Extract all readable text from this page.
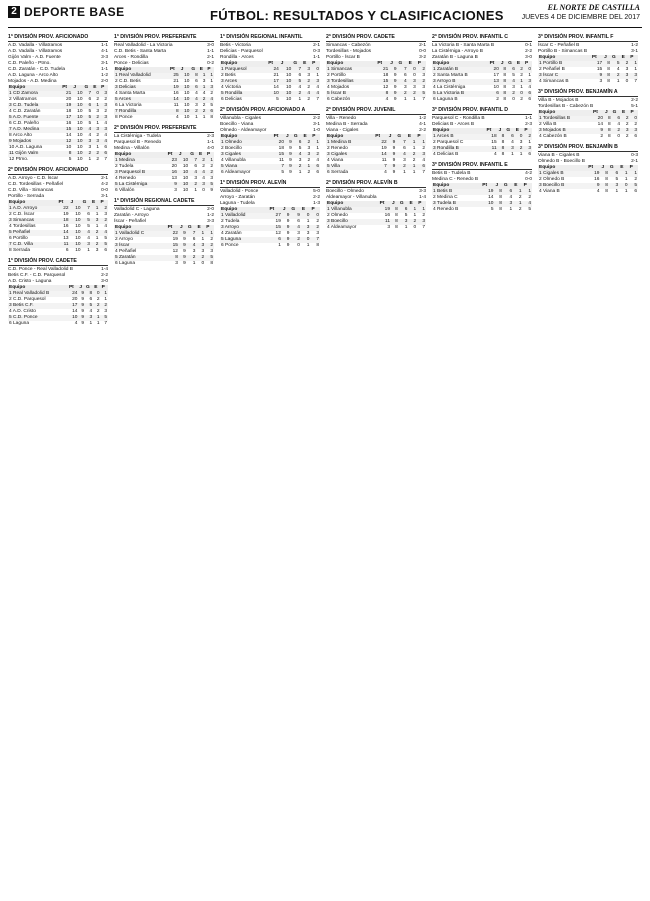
2 DEPORTE BASE	FÚTBOL: RESULTADOS Y CLASIFICACIONES
EL NORTE DE CASTILLA
JUEVES 4 DE DICIEMBRE DEL 2017
1ª DIVISIÓN PROV. AFICIONADO
A.D. Vadalla - Villatramos	1-1
A.D. Vadalla - Villatramos	4-1
Gijón Valm - A.D. Fuente	3-3
C.D. Paleño - Ptmo.	3-1
C.D. Zaratán - C.D. Tudela	1-1
A.D. Laguna - Arco Alto	1-2
Mojados - A.D. Medina	2-0
Equipo	Pt	J	G	E	P
1 CD Zamora	21	10	7	0	3
2 Villatramos	20	10	6	2	2
3 C.D. Tudela	19	10	6	1	3
4 C.D. Zaratán	18	10	5	3	2
5 A.D. Fuente	17	10	5	2	3
6 C.D. Paleño	16	10	5	1	4
7 A.D. Medina	15	10	4	3	3
8 Arco Alto	14	10	4	2	4
9 Mojados	12	10	3	3	4
10 A.D. Laguna	10	10	3	1	6
11 Gijón Valm	8	10	2	2	6
12 Ptmo.	5	10	1	2	7
2ª DIVISIÓN PROV. AFICIONADO
A.D. Arroyo - C.D. Íscar	2-1
C.D. Tordesillas - Peñafiel	4-2
C.D. Villa - Simancas	0-0
Portillo - Serrada	3-1
Equipo	Pt	J	G	E	P
1 A.D. Arroyo	22	10	7	1	2
2 C.D. Íscar	19	10	6	1	3
3 Simancas	18	10	5	3	2
4 Tordesillas	16	10	5	1	4
5 Peñafiel	14	10	4	2	4
6 Portillo	13	10	4	1	5
7 C.D. Villa	11	10	3	2	5
8 Serrada	6	10	1	3	6
1ª DIVISIÓN PROV. CADETE
C.D. Ponce - Real Valladolid B	1-4
Betis C.F. - C.D. Parquesol	2-2
A.D. Cristo - Laguna	3-0
Equipo	Pt	J	G	E	P
1 Real Valladolid B	24	9	8	0	1
2 C.D. Parquesol	20	9	6	2	1
3 Betis C.F.	17	9	5	2	2
4 A.D. Cristo	14	9	4	2	3
5 C.D. Ponce	10	9	3	1	5
6 Laguna	4	9	1	1	7
1ª DIVISIÓN PROV. PREFERENTE
Real Valladolid - La Victoria	3-0
C.D. Betis - Santa Marta	1-1
Arces - Rondilla	2-1
Ponce - Delicias	0-2
Equipo	Pt	J	G	E	P
1 Real Valladolid	25	10	8	1	1
2 C.D. Betis	21	10	6	3	1
3 Delicias	19	10	6	1	3
4 Santa Marta	16	10	4	4	2
5 Arces	14	10	4	2	4
6 La Victoria	11	10	3	2	5
7 Rondilla	8	10	2	2	6
8 Ponce	4	10	1	1	8
2ª DIVISIÓN PROV. PREFERENTE
La Cistérniga - Tudela	2-3
Parquesol B - Renedo	1-1
Medina - Villalón	4-0
Equipo	Pt	J	G	E	P
1 Medina	23	10	7	2	1
2 Tudela	20	10	6	2	2
3 Parquesol B	16	10	4	4	2
4 Renedo	13	10	3	4	3
5 La Cistérniga	9	10	2	3	5
6 Villalón	3	10	1	0	9
1ª DIVISIÓN REGIONAL CADETE
Valladolid C - Laguna	2-0
Zaratán - Arroyo	1-2
Íscar - Peñafiel	3-3
Equipo	Pt	J	G	E	P
1 Valladolid C	22	9	7	1	1
2 Arroyo	19	9	6	1	2
3 Íscar	15	9	4	3	2
4 Peñafiel	12	9	3	3	3
5 Zaratán	8	9	2	2	5
6 Laguna	3	9	1	0	8
1ª DIVISIÓN REGIONAL INFANTIL
Betis - Victoria	2-1
Delicias - Parquesol	0-3
Rondilla - Arces	1-1
Equipo	Pt	J	G	E	P
1 Parquesol	24	10	7	3	0
2 Betis	21	10	6	3	1
3 Arces	17	10	5	2	3
4 Victoria	14	10	4	2	4
5 Rondilla	10	10	2	4	4
6 Delicias	5	10	1	2	7
2ª DIVISIÓN PROV. AFICIONADO A
Villanubla - Cigales	2-2
Boecillo - Viana	3-1
Olmedo - Aldeamayor	1-0
Equipo	Pt	J	G	E	P
1 Olmedo	20	9	6	2	1
2 Boecillo	18	9	5	3	1
3 Cigales	15	9	4	3	2
4 Villanubla	11	9	3	2	4
5 Viana	7	9	2	1	6
6 Aldeamayor	5	9	1	2	6
1ª DIVISIÓN PROV. ALEVÍN
Valladolid - Ponce	5-0
Arroyo - Zaratán	2-2
Laguna - Tudela	1-3
Equipo	Pt	J	G	E	P
1 Valladolid	27	9	9	0	0
2 Tudela	19	9	6	1	2
3 Arroyo	15	9	4	3	2
4 Zaratán	12	9	3	3	3
5 Laguna	6	9	2	0	7
6 Ponce	1	9	0	1	8
2ª DIVISIÓN PROV. CADETE
Simancas - Cabezón	2-1
Tordesillas - Mojados	0-0
Portillo - Íscar B	3-2
Equipo	Pt	J	G	E	P
1 Simancas	21	9	7	0	2
2 Portillo	18	9	6	0	3
3 Tordesillas	15	9	4	3	2
4 Mojados	12	9	3	3	3
5 Íscar B	8	9	2	2	5
6 Cabezón	4	9	1	1	7
2ª DIVISIÓN PROV. JUVENIL
Villa - Renedo	1-2
Medina B - Serrada	4-1
Viana - Cigales	2-2
Equipo	Pt	J	G	E	P
1 Medina B	22	9	7	1	1
2 Renedo	19	9	6	1	2
3 Cigales	14	9	4	2	3
4 Viana	11	9	3	2	4
5 Villa	7	9	2	1	6
6 Serrada	4	9	1	1	7
2ª DIVISIÓN PROV. ALEVÍN B
Boecillo - Olmedo	3-3
Aldeamayor - Villanubla	1-4
Equipo	Pt	J	G	E	P
1 Villanubla	19	8	6	1	1
2 Olmedo	16	8	5	1	2
3 Boecillo	11	8	3	2	3
4 Aldeamayor	3	8	1	0	7
2ª DIVISIÓN PROV. INFANTIL C
La Victoria B - Santa Marta B	0-1
La Cistérniga - Arroyo B	2-2
Zaratán B - Laguna B	3-0
Equipo	Pt	J	G	E	P
1 Zaratán B	20	8	6	2	0
2 Santa Marta B	17	8	5	2	1
3 Arroyo B	13	8	4	1	3
4 La Cistérniga	10	8	3	1	4
5 La Victoria B	6	8	2	0	6
6 Laguna B	2	8	0	2	6
3ª DIVISIÓN PROV. INFANTIL D
Parquesol C - Rondilla B	1-1
Delicias B - Arces B	2-3
Equipo	Pt	J	G	E	P
1 Arces B	18	8	6	0	2
2 Parquesol C	15	8	4	3	1
3 Rondilla B	11	8	3	2	3
4 Delicias B	4	8	1	1	6
3ª DIVISIÓN PROV. INFANTIL E
Betis B - Tudela B	4-2
Medina C - Renedo B	0-0
Equipo	Pt	J	G	E	P
1 Betis B	19	8	6	1	1
2 Medina C	14	8	4	2	2
3 Tudela B	10	8	3	1	4
4 Renedo B	5	8	1	2	5
3ª DIVISIÓN PROV. INFANTIL F
Íscar C - Peñafiel B	1-2
Portillo B - Simancas B	3-1
Equipo	Pt	J	G	E	P
1 Portillo B	17	8	5	2	1
2 Peñafiel B	15	8	4	3	1
3 Íscar C	9	8	2	3	3
4 Simancas B	3	8	1	0	7
3ª DIVISIÓN PROV. BENJAMÍN A
Villa B - Mojados B	2-2
Tordesillas B - Cabezón B	5-1
Equipo	Pt	J	G	E	P
1 Tordesillas B	20	8	6	2	0
2 Villa B	14	8	4	2	2
3 Mojados B	9	8	2	3	3
4 Cabezón B	2	8	0	2	6
3ª DIVISIÓN PROV. BENJAMÍN B
Viana B - Cigales B	0-3
Olmedo B - Boecillo B	2-1
Equipo	Pt	J	G	E	P
1 Cigales B	19	8	6	1	1
2 Olmedo B	16	8	5	1	2
3 Boecillo B	9	8	3	0	5
4 Viana B	4	8	1	1	6
